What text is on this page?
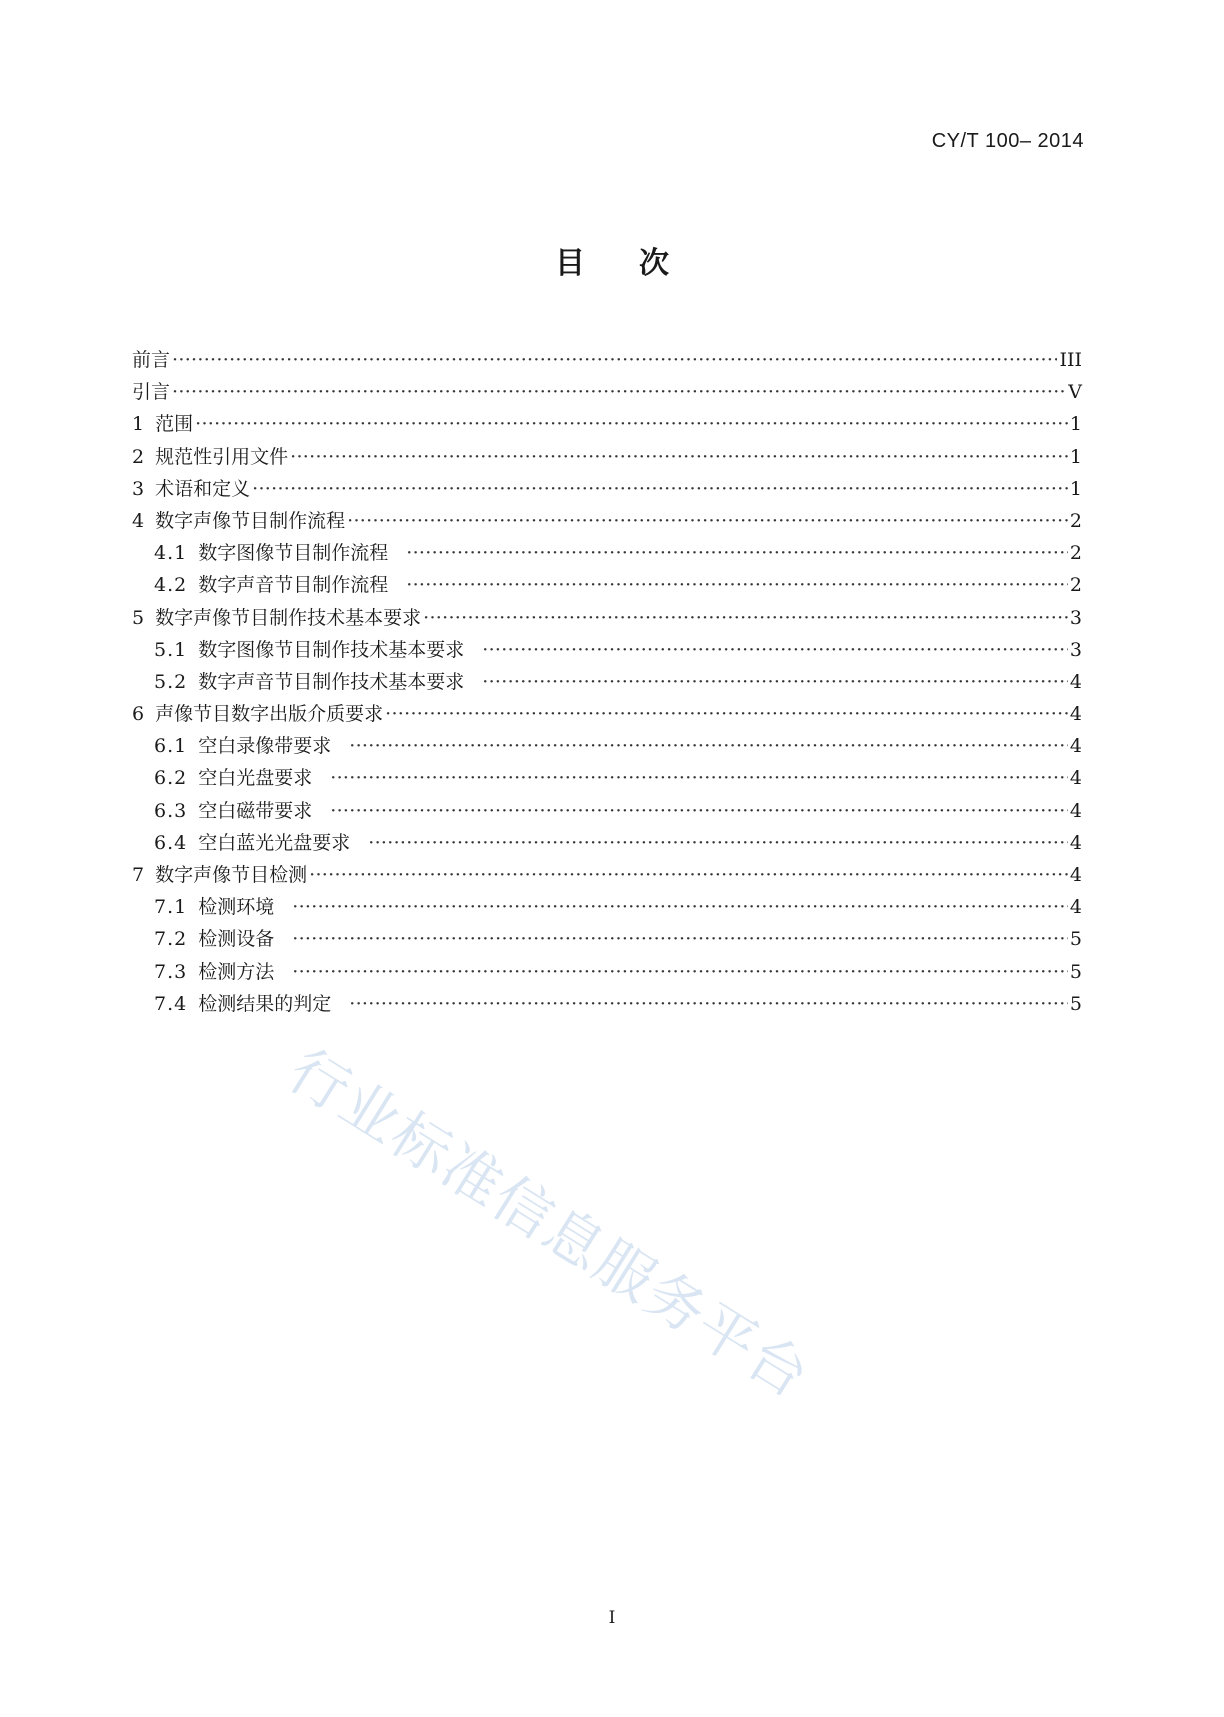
CY/T 100– 2014
目次
前言 ·····	III
引言 ·····	V
1 范围 ·····	1
2 规范性引用文件 ·····	1
3 术语和定义 ·····	1
4 数字声像节目制作流程 ·····	2
4.1 数字图像节目制作流程 ·····	2
4.2 数字声音节目制作流程 ·····	2
5 数字声像节目制作技术基本要求 ·····	3
5.1 数字图像节目制作技术基本要求 ·····	3
5.2 数字声音节目制作技术基本要求 ·····	4
6 声像节目数字出版介质要求 ·····	4
6.1 空白录像带要求 ·····	4
6.2 空白光盘要求 ·····	4
6.3 空白磁带要求 ·····	4
6.4 空白蓝光光盘要求 ·····	4
7 数字声像节目检测 ·····	4
7.1 检测环境 ·····	4
7.2 检测设备 ·····	5
7.3 检测方法 ·····	5
7.4 检测结果的判定 ·····	5
行业标准信息服务平台
I
